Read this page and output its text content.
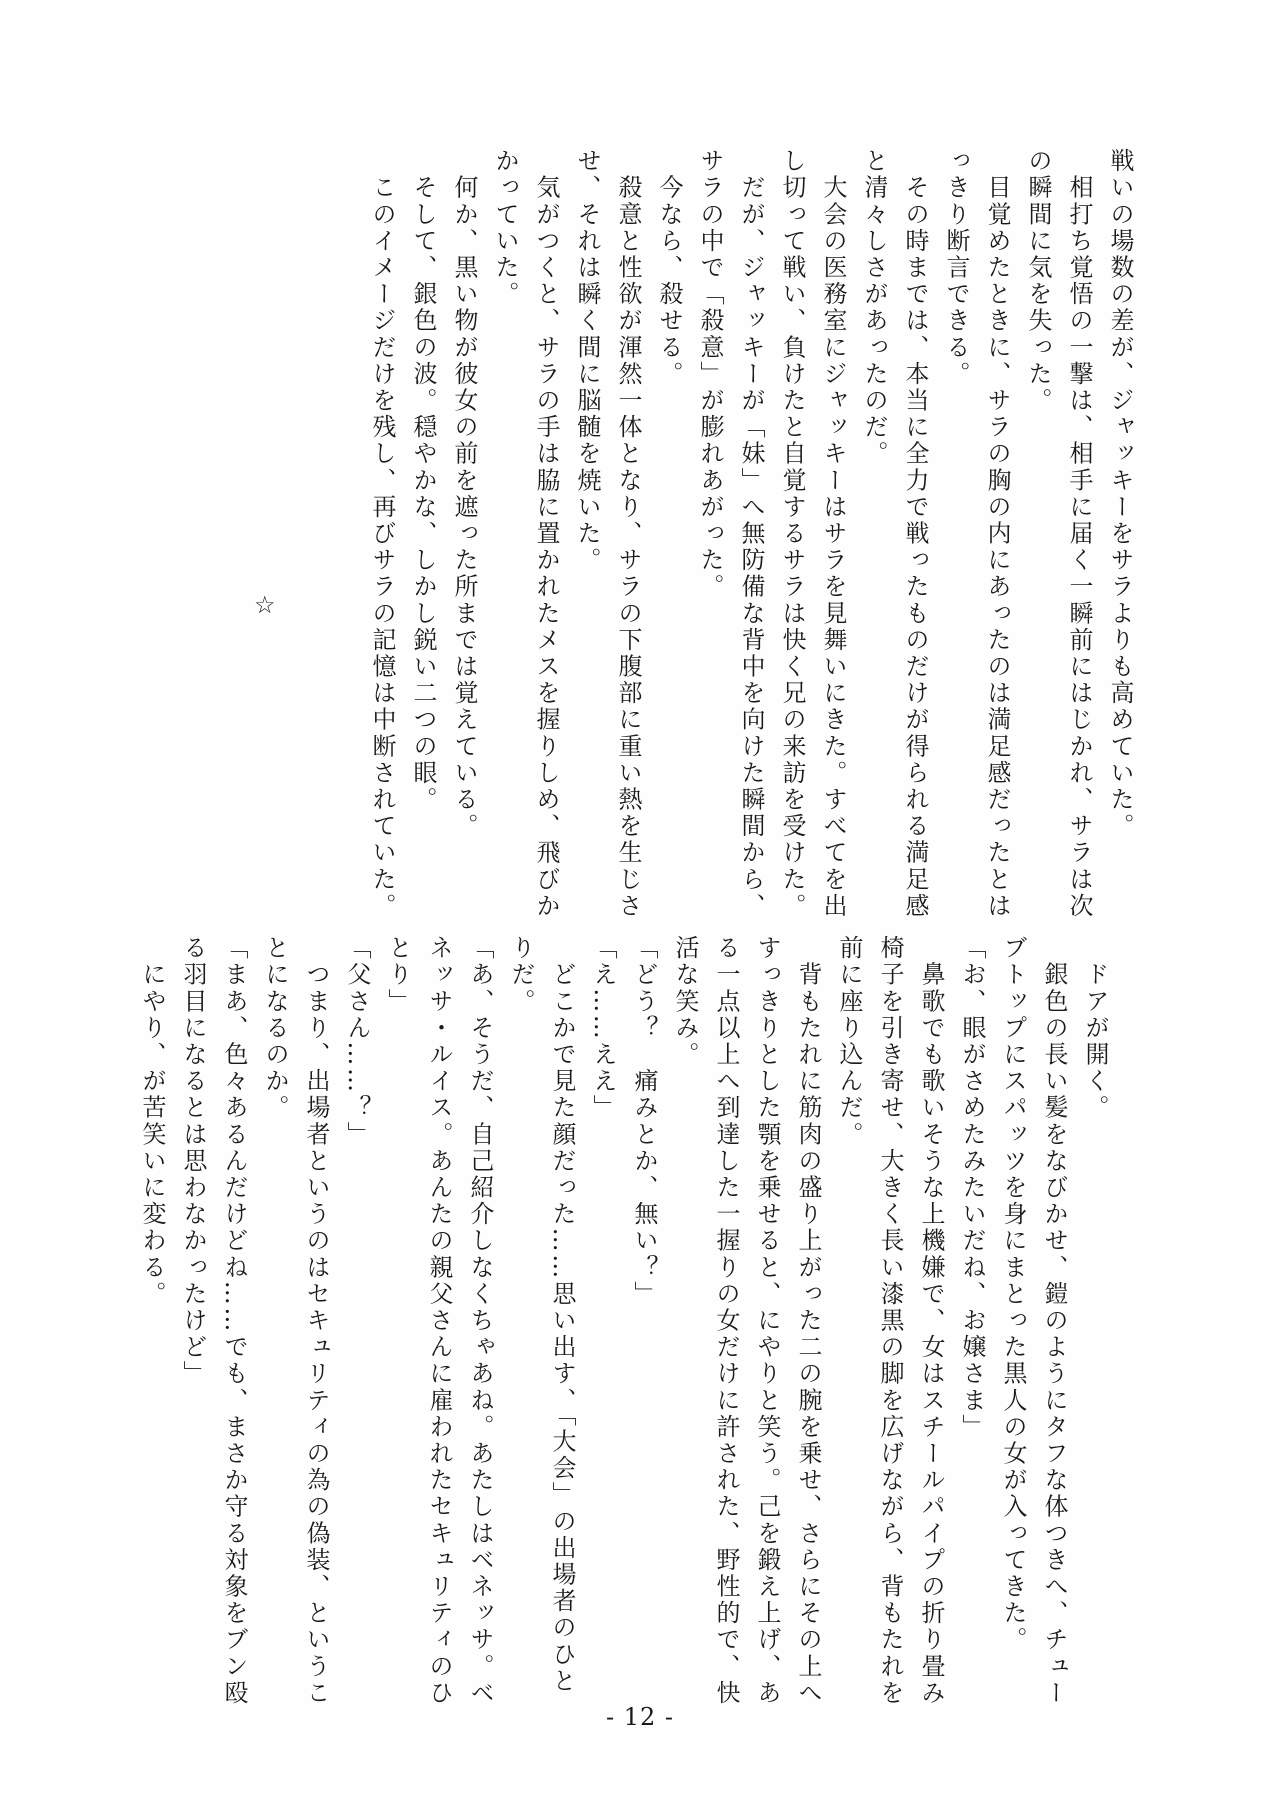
戦いの場数の差が、ジャッキーをサラよりも高めていた。

　相打ち覚悟の一撃は、相手に届く一瞬前にはじかれ、サラは次

の瞬間に気を失った。

　目覚めたときに、サラの胸の内にあったのは満足感だったとは

っきり断言できる。

　その時までは、本当に全力で戦ったものだけが得られる満足感

と清々しさがあったのだ。

　大会の医務室にジャッキーはサラを見舞いにきた。すべてを出

し切って戦い、負けたと自覚するサラは快く兄の来訪を受けた。

　だが、ジャッキーが「妹」へ無防備な背中を向けた瞬間から、

サラの中で「殺意」が膨れあがった。

　今なら、殺せる。

　殺意と性欲が渾然一体となり、サラの下腹部に重い熱を生じさ

せ、それは瞬く間に脳髄を焼いた。

　気がつくと、サラの手は脇に置かれたメスを握りしめ、飛びか

かっていた。

　何か、黒い物が彼女の前を遮った所までは覚えている。

　そして、銀色の波。穏やかな、しかし鋭い二つの眼。

　このイメージだけを残し、再びサラの記憶は中断されていた。

☆

　ドアが開く。

　銀色の長い髪をなびかせ、鎧のようにタフな体つきへ、チュー

ブトップにスパッツを身にまとった黒人の女が入ってきた。

「お、眼がさめたみたいだね、お嬢さま」

　鼻歌でも歌いそうな上機嫌で、女はスチールパイプの折り畳み

椅子を引き寄せ、大きく長い漆黒の脚を広げながら、背もたれを

前に座り込んだ。

　背もたれに筋肉の盛り上がった二の腕を乗せ、さらにその上へ

すっきりとした顎を乗せると、にやりと笑う。己を鍛え上げ、あ

る一点以上へ到達した一握りの女だけに許された、野性的で、快

活な笑み。

「どう？　痛みとか、無い？」

「え……ええ」

　どこかで見た顔だった……思い出す、「大会」の出場者のひと

りだ。

「あ、そうだ、自己紹介しなくちゃあね。あたしはベネッサ。ベ

ネッサ・ルイス。あんたの親父さんに雇われたセキュリティのひ

とり」

「父さん……？」

　つまり、出場者というのはセキュリティの為の偽装、というこ

とになるのか。

「まあ、色々あるんだけどね……でも、まさか守る対象をブン殴

る羽目になるとは思わなかったけど」

　にやり、が苦笑いに変わる。

- 12 -
